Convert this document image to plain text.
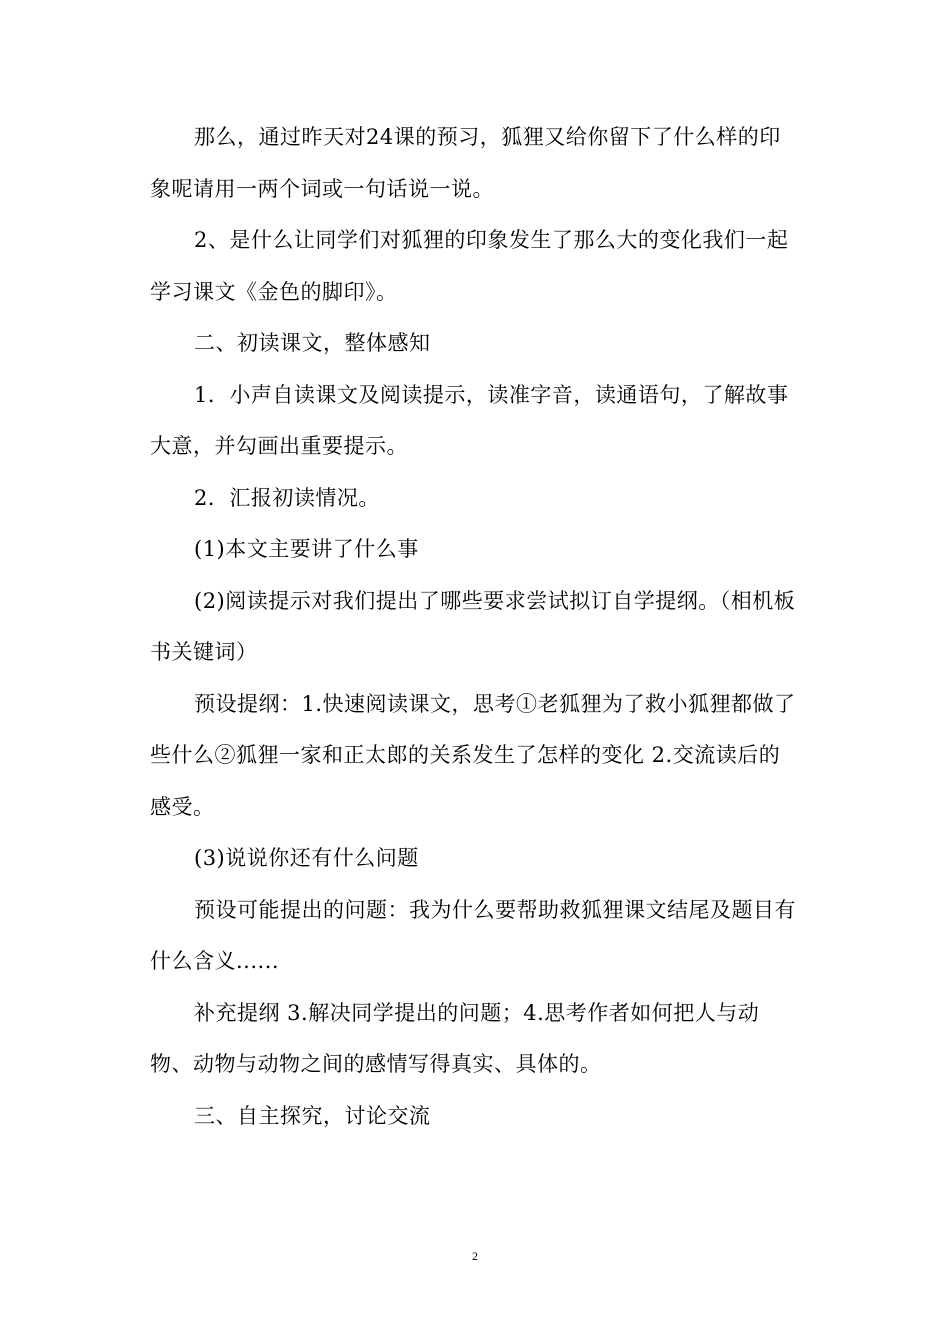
那么，通过昨天对24课的预习，狐狸又给你留下了什么样的印象呢请用一两个词或一句话说一说。

2、是什么让同学们对狐狸的印象发生了那么大的变化我们一起学习课文《金色的脚印》。

二、初读课文，整体感知

1．小声自读课文及阅读提示，读准字音，读通语句，了解故事大意，并勾画出重要提示。

2．汇报初读情况。

(1)本文主要讲了什么事

(2)阅读提示对我们提出了哪些要求尝试拟订自学提纲。（相机板书关键词）

预设提纲：1.快速阅读课文，思考①老狐狸为了救小狐狸都做了些什么②狐狸一家和正太郎的关系发生了怎样的变化 2.交流读后的感受。

(3)说说你还有什么问题

预设可能提出的问题：我为什么要帮助救狐狸课文结尾及题目有什么含义......

补充提纲 3.解决同学提出的问题；4.思考作者如何把人与动物、动物与动物之间的感情写得真实、具体的。

三、自主探究，讨论交流

2
